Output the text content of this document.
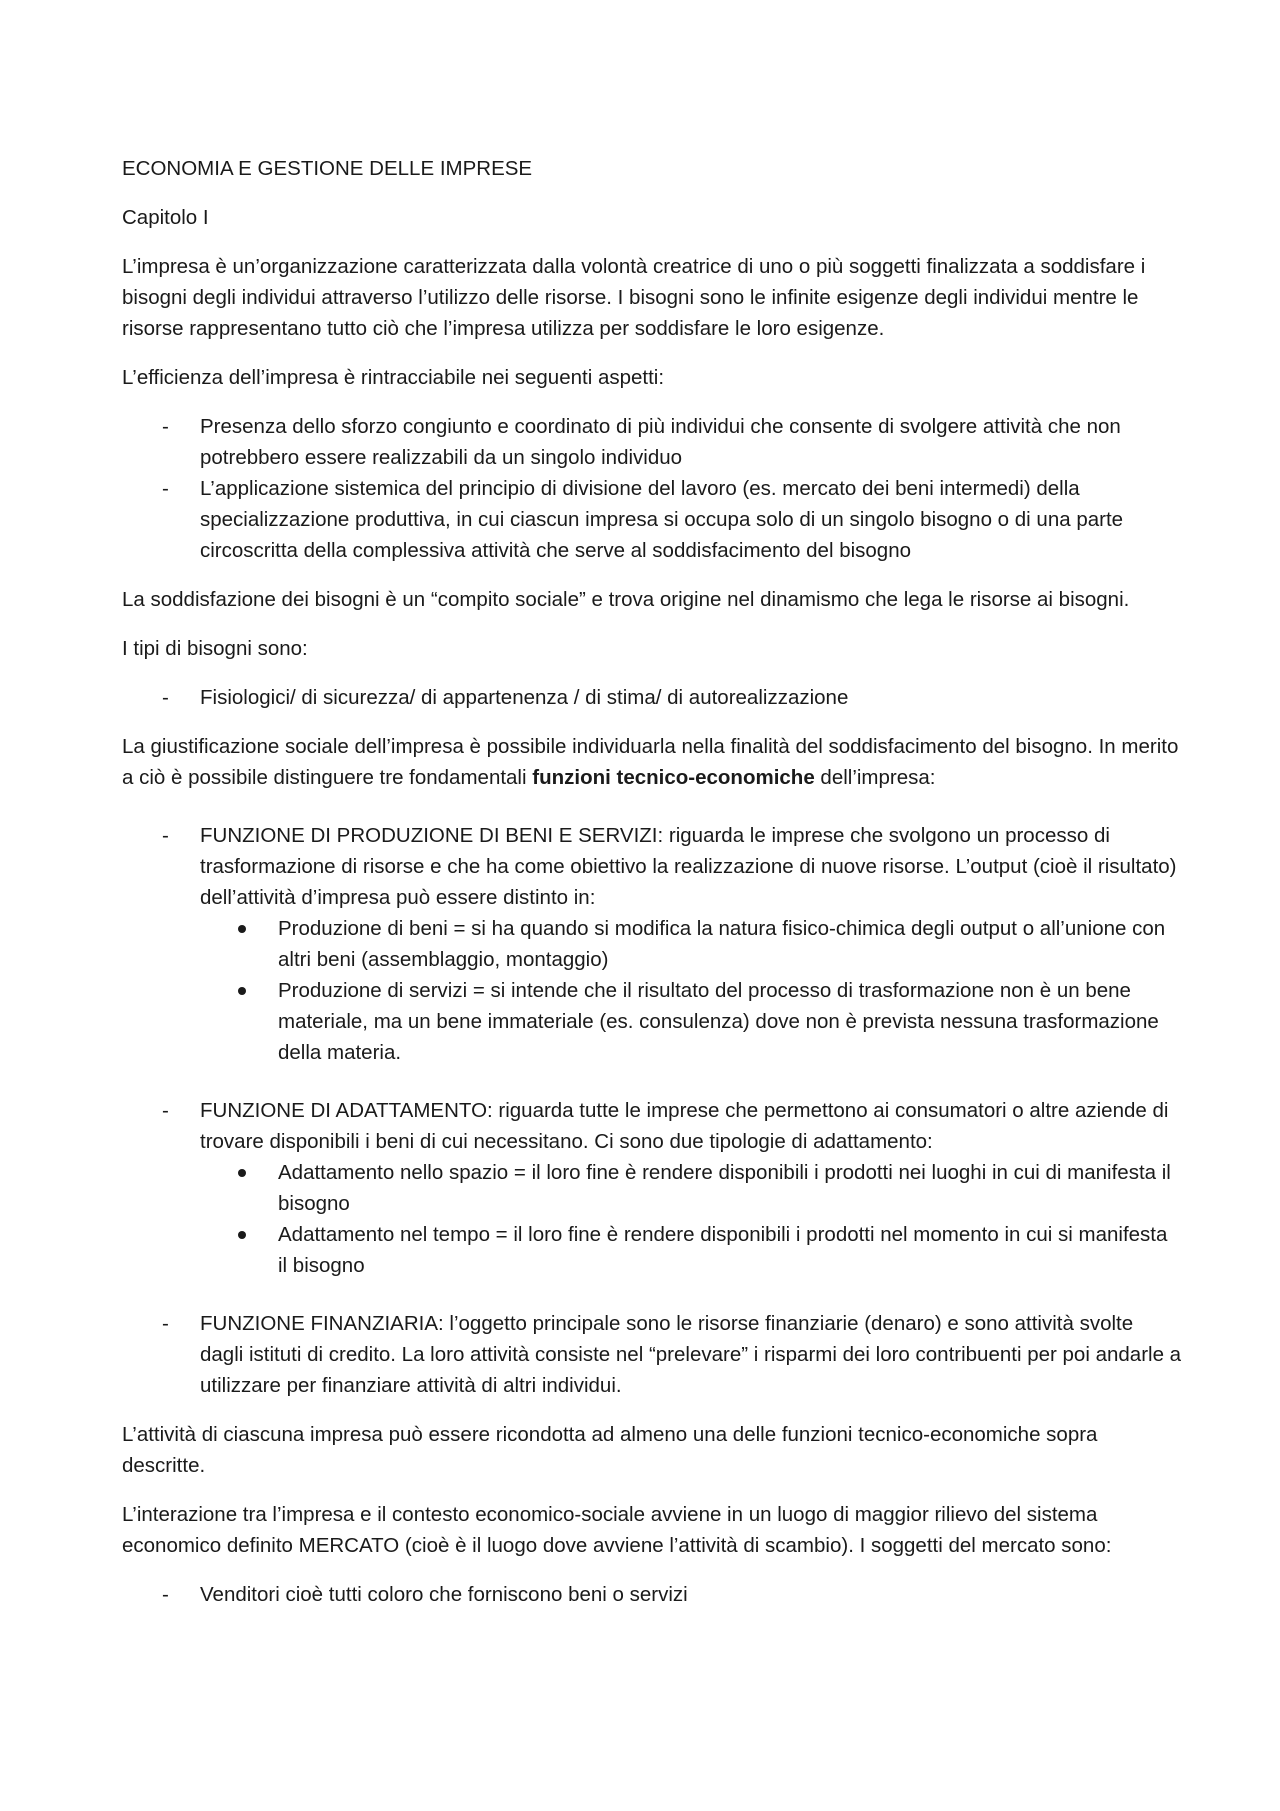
ECONOMIA E GESTIONE DELLE IMPRESE

Capitolo I

L’impresa è un’organizzazione caratterizzata dalla volontà creatrice di uno o più soggetti finalizzata a soddisfare i bisogni degli individui attraverso l’utilizzo delle risorse. I bisogni sono le infinite esigenze degli individui mentre le risorse rappresentano tutto ciò che l’impresa utilizza per soddisfare le loro esigenze.

L’efficienza dell’impresa è rintracciabile nei seguenti aspetti:

- Presenza dello sforzo congiunto e coordinato di più individui che consente di svolgere attività che non potrebbero essere realizzabili da un singolo individuo
- L’applicazione sistemica del principio di divisione del lavoro (es. mercato dei beni intermedi) della specializzazione produttiva, in cui ciascun impresa si occupa solo di un singolo bisogno o di una parte circoscritta della complessiva attività che serve al soddisfacimento del bisogno

La soddisfazione dei bisogni è un “compito sociale” e trova origine nel dinamismo che lega le risorse ai bisogni.

I tipi di bisogni sono:

- Fisiologici/ di sicurezza/ di appartenenza / di stima/ di autorealizzazione

La giustificazione sociale dell’impresa è possibile individuarla nella finalità del soddisfacimento del bisogno. In merito a ciò è possibile distinguere tre fondamentali funzioni tecnico-economiche dell’impresa:

- FUNZIONE DI PRODUZIONE DI BENI E SERVIZI: riguarda le imprese che svolgono un processo di trasformazione di risorse e che ha come obiettivo la realizzazione di nuove risorse. L’output (cioè il risultato) dell’attività d’impresa può essere distinto in:
Produzione di beni = si ha quando si modifica la natura fisico-chimica degli output o all’unione con altri beni (assemblaggio, montaggio)
Produzione di servizi = si intende che il risultato del processo di trasformazione non è un bene materiale, ma un bene immateriale (es. consulenza) dove non è prevista nessuna trasformazione della materia.
- FUNZIONE DI ADATTAMENTO: riguarda tutte le imprese che permettono ai consumatori o altre aziende di trovare disponibili i beni di cui necessitano. Ci sono due tipologie di adattamento:
Adattamento nello spazio = il loro fine è rendere disponibili i prodotti nei luoghi in cui di manifesta il bisogno
Adattamento nel tempo = il loro fine è rendere disponibili i prodotti nel momento in cui si manifesta il bisogno
- FUNZIONE FINANZIARIA: l’oggetto principale sono le risorse finanziarie (denaro) e sono attività svolte dagli istituti di credito. La loro attività consiste nel “prelevare” i risparmi dei loro contribuenti per poi andarle a utilizzare per finanziare attività di altri individui.

L’attività di ciascuna impresa può essere ricondotta ad almeno una delle funzioni tecnico-economiche sopra descritte.

L’interazione tra l’impresa e il contesto economico-sociale avviene in un luogo di maggior rilievo del sistema economico definito MERCATO (cioè è il luogo dove avviene l’attività di scambio). I soggetti del mercato sono:

- Venditori cioè tutti coloro che forniscono beni o servizi
